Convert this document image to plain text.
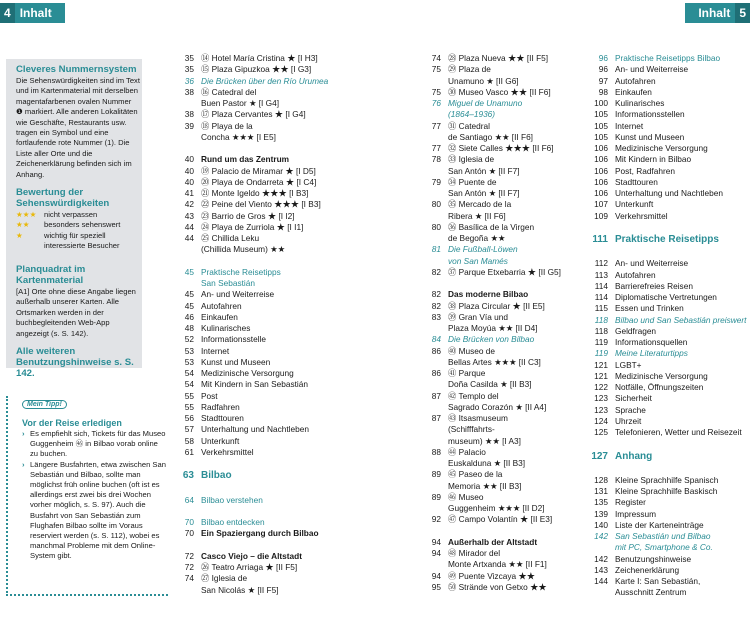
4 Inhalt	Inhalt 5
Cleveres Nummernsystem
Die Sehenswürdigkeiten sind im Text und im Kartenmaterial mit derselben magentafarbenen ovalen Nummer ❶ markiert. Alle anderen Lokalitäten wie Geschäfte, Restaurants usw. tragen ein Symbol und eine fortlaufende rote Nummer (1). Die Liste aller Orte und die Zeichenerklärung befinden sich im Anhang.
Bewertung der Sehenswürdigkeiten
★★★ nicht verpassen
★★	besonders sehenswert
★	wichtig für speziell interessierte Besucher
Planquadrat im Kartenmaterial
[A1] Orte ohne diese Angabe liegen außerhalb unserer Karten. Alle Ortsmarken werden in der buchbegleitenden Web-App angezeigt (s. S. 142).
Alle weiteren Benutzungshinweise s. S. 142.
Mein Tipp!
Vor der Reise erledigen
› Es empfiehlt sich, Tickets für das Museo Guggenheim ㊻ in Bilbao vorab online zu buchen.
› Längere Busfahrten, etwa zwischen San Sebastián und Bilbao, sollte man möglichst früh online buchen (oft ist es allerdings erst zwei bis drei Wochen vorher möglich, s. S. 97). Auch die Busfahrt von San Sebastián zum Flughafen Bilbao sollte im Voraus reserviert werden (s. S. 112), wobei es manchmal Probleme mit dem Online-System gibt.
35 ⑭ Hotel María Cristina ★ [I H3]
35 ⑮ Plaza Gipuzkoa ★★ [I G3]
36 Die Brücken über den Río Urumea
38 ⑯ Catedral del
Buen Pastor ★ [I G4]
38 ⑰ Plaza Cervantes ★ [I G4]
39 ⑱ Playa de la
Concha ★★★ [I E5]
40 Rund um das Zentrum
40 ⑲ Palacio de Miramar ★ [I D5]
40 ⑳ Playa de Ondarreta ★ [I C4]
41 ㉑ Monte Igeldo ★★★ [I B3]
42 ㉒ Peine del Viento ★★★ [I B3]
43 ㉓ Barrio de Gros ★ [I I2]
44 ㉔ Playa de Zurriola ★ [I I1]
44 ㉕ Chillida Leku
(Chillida Museum) ★★
45 Praktische Reisetipps
San Sebastián
45 An- und Weiterreise
45 Autofahren
46 Einkaufen
48 Kulinarisches
52 Informationsstelle
53 Internet
53 Kunst und Museen
54 Medizinische Versorgung
54 Mit Kindern in San Sebastián
55 Post
55 Radfahren
56 Stadttouren
57 Unterhaltung und Nachtleben
58 Unterkunft
61 Verkehrsmittel
63 Bilbao
64 Bilbao verstehen
70 Bilbao entdecken
70 Ein Spaziergang durch Bilbao
72 Casco Viejo – die Altstadt
72 ㉖ Teatro Arriaga ★ [II F5]
74 ㉗ Iglesia de
San Nicolás ★ [II F5]
74 ㉘ Plaza Nueva ★★ [II F5]
75 ㉙ Plaza de
Unamuno ★ [II G6]
75 ㉚ Museo Vasco ★★ [II F6]
76 Miguel de Unamuno
(1864–1936)
77 ㉛ Catedral
de Santiago ★★ [II F6]
77 ㉜ Siete Calles ★★★ [II F6]
78 ㉝ Iglesia de
San Antón ★ [II F7]
79 ㉞ Puente de
San Antón ★ [II F7]
80 ㉟ Mercado de la
Ribera ★ [II F6]
80 ㊱ Basílica de la Virgen
de Begoña ★★
81 Die Fußball-Löwen
von San Mamés
82 ㊲ Parque Etxebarria ★ [II G5]
82 Das moderne Bilbao
82 ㊳ Plaza Circular ★ [II E5]
83 ㊴ Gran Vía und
Plaza Moyúa ★★ [II D4]
84 Die Brücken von Bilbao
86 ㊵ Museo de
Bellas Artes ★★★ [II C3]
86 ㊶ Parque
Doña Casilda ★ [II B3]
87 ㊷ Templo del
Sagrado Corazón ★ [II A4]
87 ㊸ Itsasmuseum
(Schifffahrts-
museum) ★★ [I A3]
88 ㊹ Palacio
Euskalduna ★ [II B3]
89 ㊺ Paseo de la
Memoria ★★ [II B3]
89 ㊻ Museo
Guggenheim ★★★ [II D2]
92 ㊼ Campo Volantín ★ [II E3]
94 Außerhalb der Altstadt
94 ㊽ Mirador del
Monte Artxanda ★★ [II F1]
94 ㊾ Puente Vizcaya ★★
95 ㊿ Strände von Getxo ★★
96 Praktische Reisetipps Bilbao
96 An- und Weiterreise
97 Autofahren
98 Einkaufen
100 Kulinarisches
105 Informationsstellen
105 Internet
105 Kunst und Museen
106 Medizinische Versorgung
106 Mit Kindern in Bilbao
106 Post, Radfahren
106 Stadttouren
106 Unterhaltung und Nachtleben
107 Unterkunft
109 Verkehrsmittel
111 Praktische Reisetipps
112 An- und Weiterreise
113 Autofahren
114 Barrierefreies Reisen
114 Diplomatische Vertretungen
115 Essen und Trinken
118 Bilbao und San Sebastián preiswert
118 Geldfragen
119 Informationsquellen
119 Meine Literaturtipps
121 LGBT+
121 Medizinische Versorgung
122 Notfälle, Öffnungszeiten
123 Sicherheit
123 Sprache
124 Uhrzeit
125 Telefonieren, Wetter und Reisezeit
127 Anhang
128 Kleine Sprachhilfe Spanisch
131 Kleine Sprachhilfe Baskisch
135 Register
139 Impressum
140 Liste der Karteneinträge
142 San Sebastián und Bilbao
mit PC, Smartphone & Co.
142 Benutzungshinweise
143 Zeichenerklärung
144 Karte I: San Sebastián,
Ausschnitt Zentrum
